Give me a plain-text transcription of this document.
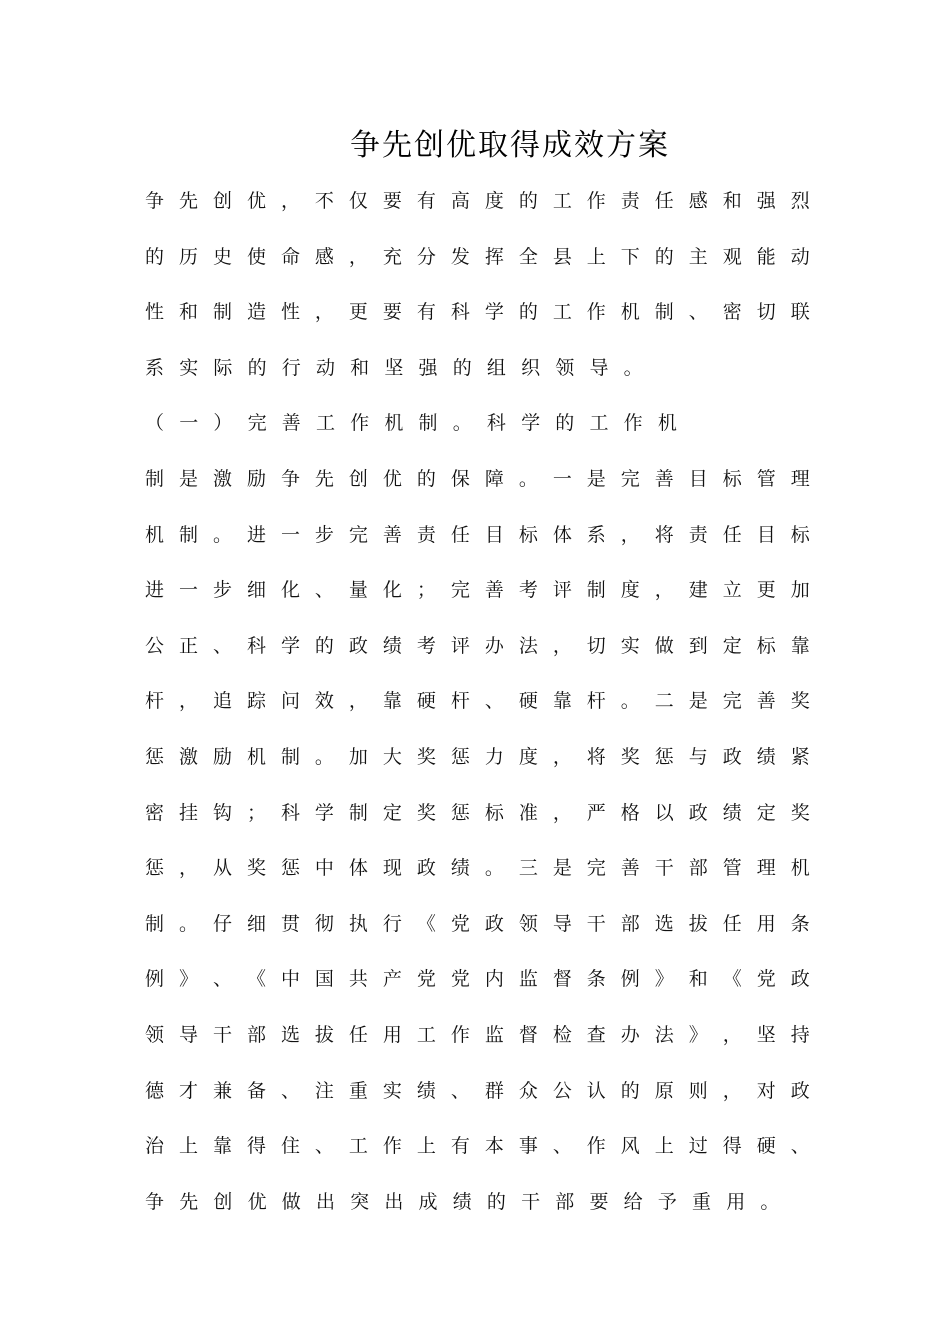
争先创优取得成效方案
争 先 创 优 ， 不 仅 要 有 高 度 的 工 作 责 任 感 和 强 烈
的 历 史 使 命 感 ， 充 分 发 挥 全 县 上 下 的 主 观 能 动
性 和 制 造 性 ， 更 要 有 科 学 的 工 作 机 制 、 密 切 联
系 实 际 的 行 动 和 坚 强 的 组 织 领 导 。
（ 一 ） 完 善 工 作 机 制 。 科 学 的 工 作 机
制 是 激 励 争 先 创 优 的 保 障 。 一 是 完 善 目 标 管 理
机 制 。 进 一 步 完 善 责 任 目 标 体 系 ， 将 责 任 目 标
进 一 步 细 化 、 量 化 ； 完 善 考 评 制 度 ， 建 立 更 加
公 正 、 科 学 的 政 绩 考 评 办 法 ， 切 实 做 到 定 标 靠
杆 ， 追 踪 问 效 ， 靠 硬 杆 、 硬 靠 杆 。 二 是 完 善 奖
惩 激 励 机 制 。 加 大 奖 惩 力 度 ， 将 奖 惩 与 政 绩 紧
密 挂 钩 ； 科 学 制 定 奖 惩 标 准 ， 严 格 以 政 绩 定 奖
惩 ， 从 奖 惩 中 体 现 政 绩 。 三 是 完 善 干 部 管 理 机
制 。 仔 细 贯 彻 执 行 《 党 政 领 导 干 部 选 拔 任 用 条
例 》 、 《 中 国 共 产 党 党 内 监 督 条 例 》 和 《 党 政
领 导 干 部 选 拔 任 用 工 作 监 督 检 查 办 法 》 ， 坚 持
德 才 兼 备 、 注 重 实 绩 、 群 众 公 认 的 原 则 ， 对 政
治 上 靠 得 住 、 工 作 上 有 本 事 、 作 风 上 过 得 硬 、
争 先 创 优 做 出 突 出 成 绩 的 干 部 要 给 予 重 用 。
